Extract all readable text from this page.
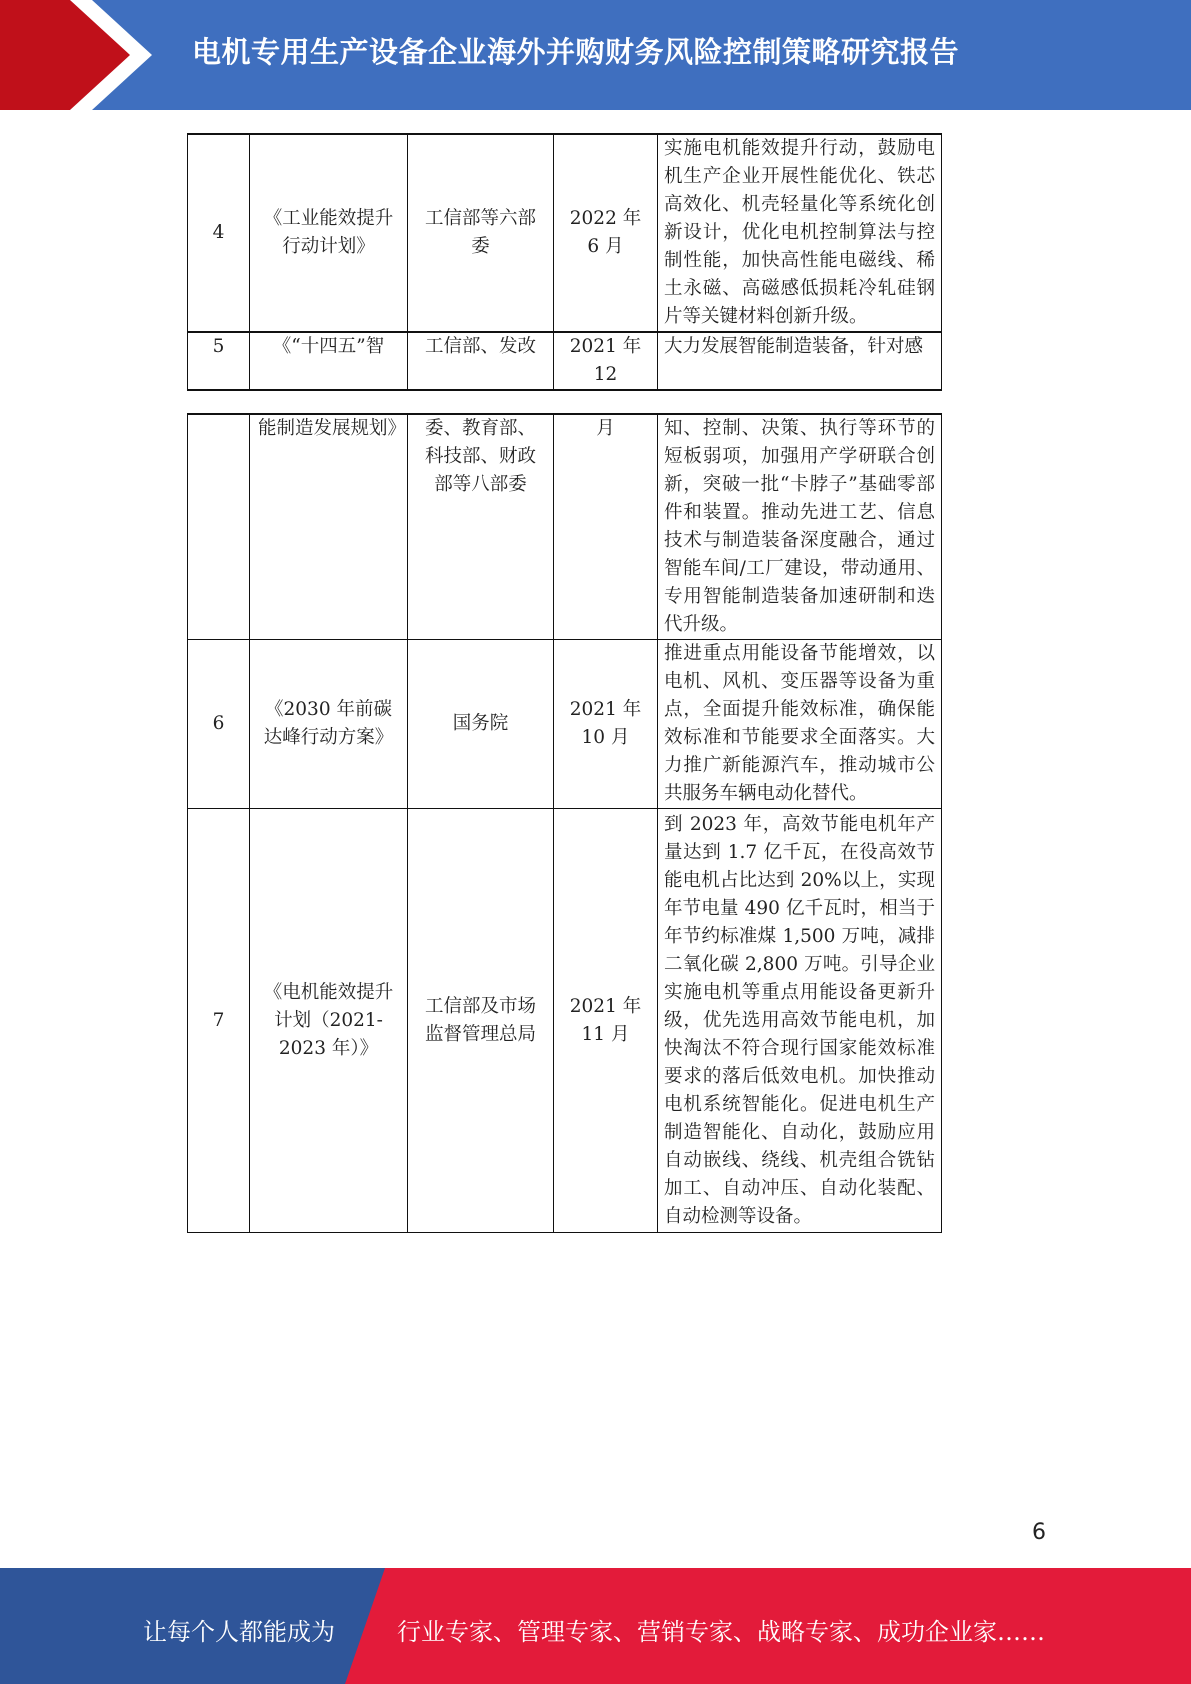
电机专用生产设备企业海外并购财务风险控制策略研究报告
4	《工业能效提升行动计划》	工信部等六部委	2022 年 6 月	实施电机能效提升行动，鼓励电机生产企业开展性能优化、铁芯高效化、机壳轻量化等系统化创新设计，优化电机控制算法与控制性能，加快高性能电磁线、稀土永磁、高磁感低损耗冷轧硅钢片等关键材料创新升级。
5	《“十四五”智	工信部、发改	2021 年 12	大力发展智能制造装备，针对感
	能制造发展规划》	委、教育部、科技部、财政部等八部委	月	知、控制、决策、执行等环节的短板弱项，加强用产学研联合创新，突破一批“卡脖子”基础零部件和装置。推动先进工艺、信息技术与制造装备深度融合，通过智能车间/工厂建设，带动通用、专用智能制造装备加速研制和迭代升级。
6	《2030 年前碳达峰行动方案》	国务院	2021 年 10 月	推进重点用能设备节能增效，以电机、风机、变压器等设备为重点，全面提升能效标准，确保能效标准和节能要求全面落实。大力推广新能源汽车，推动城市公共服务车辆电动化替代。
7	《电机能效提升计划（2021-2023 年）》	工信部及市场监督管理总局	2021 年 11 月	到 2023 年，高效节能电机年产量达到 1.7 亿千瓦，在役高效节能电机占比达到 20%以上，实现年节电量 490 亿千瓦时，相当于年节约标准煤 1,500 万吨，减排二氧化碳 2,800 万吨。引导企业实施电机等重点用能设备更新升级，优先选用高效节能电机，加快淘汰不符合现行国家能效标准要求的落后低效电机。加快推动电机系统智能化。促进电机生产制造智能化、自动化，鼓励应用自动嵌线、绕线、机壳组合铣钻加工、自动冲压、自动化装配、自动检测等设备。
6
让每个人都能成为	行业专家、管理专家、营销专家、战略专家、成功企业家……
